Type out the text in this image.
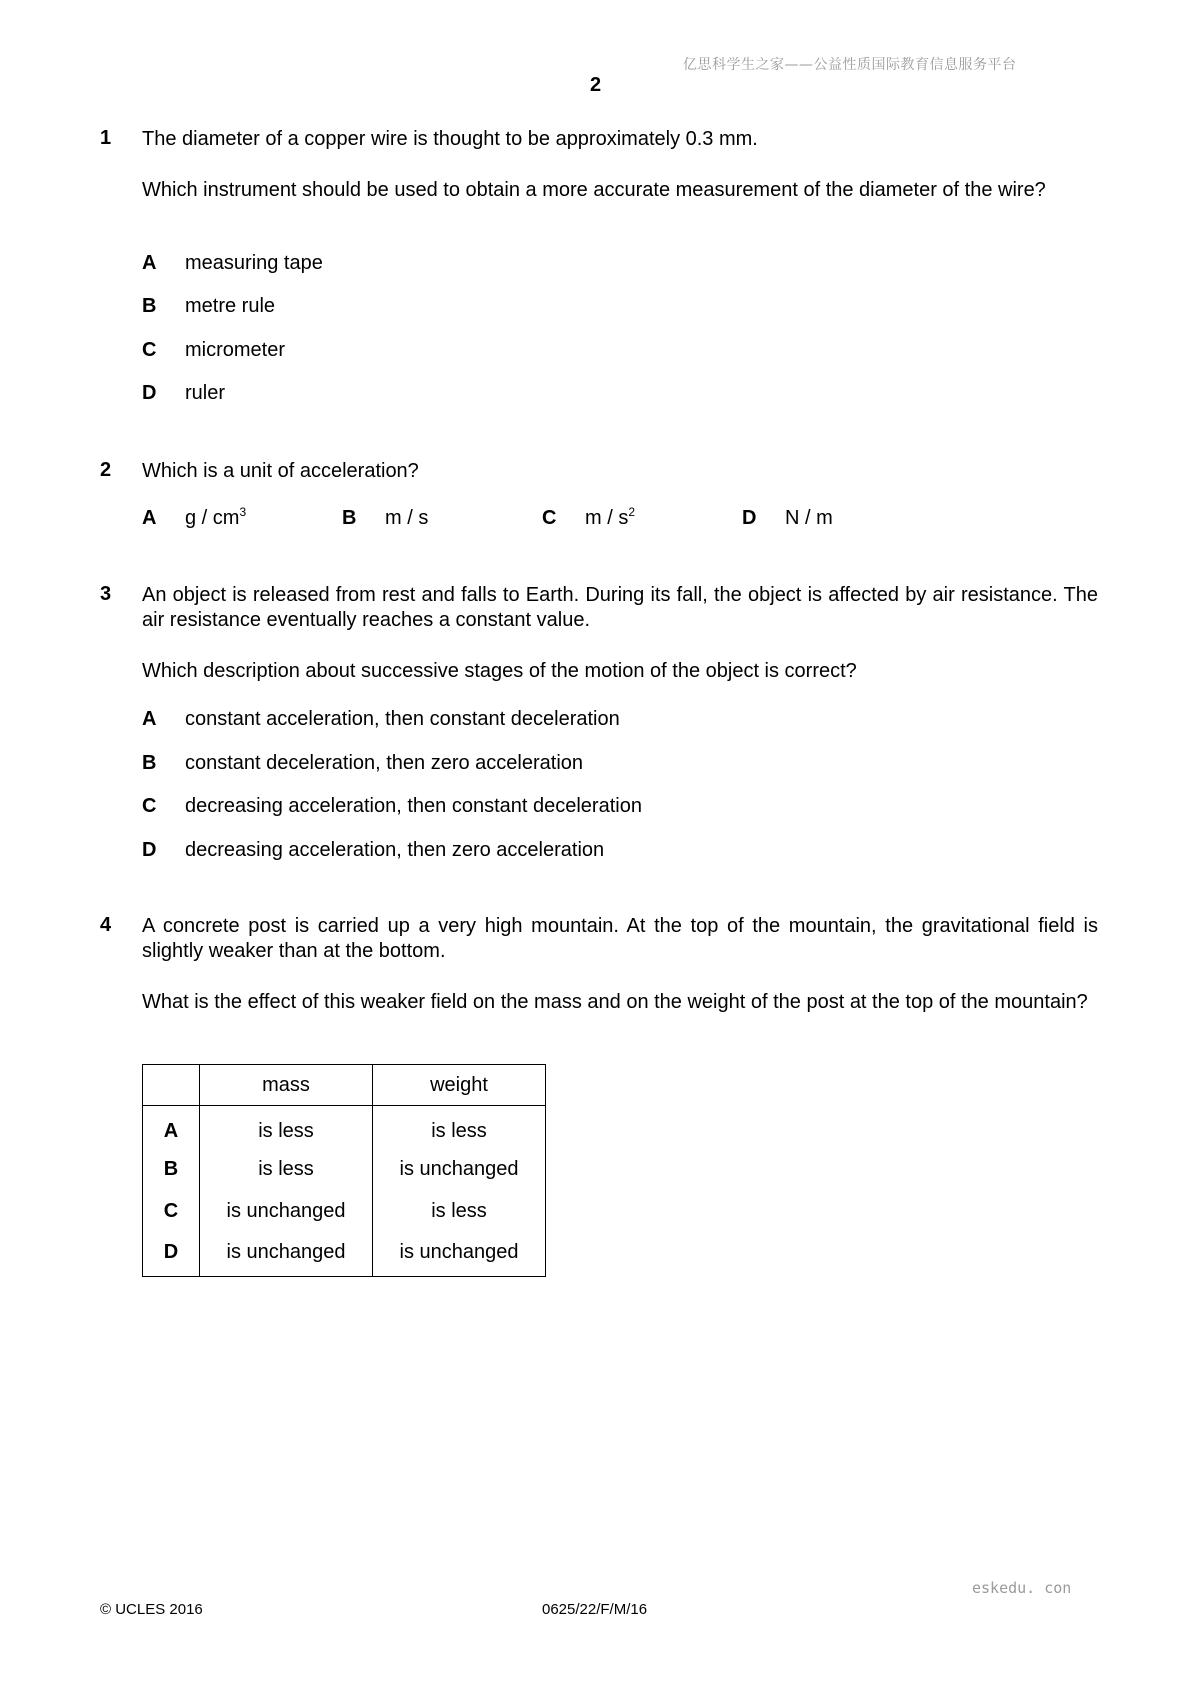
亿思科学生之家——公益性质国际教育信息服务平台
2
1 The diameter of a copper wire is thought to be approximately 0.3 mm.
Which instrument should be used to obtain a more accurate measurement of the diameter of the wire?
A measuring tape
B metre rule
C micrometer
D ruler
2 Which is a unit of acceleration?
A g / $cm^3$	B m / s	C m / $s^2$	D N / m
3 An object is released from rest and falls to Earth. During its fall, the object is affected by air resistance. The air resistance eventually reaches a constant value.
Which description about successive stages of the motion of the object is correct?
A constant acceleration, then constant deceleration
B constant deceleration, then zero acceleration
C decreasing acceleration, then constant deceleration
D decreasing acceleration, then zero acceleration
4 A concrete post is carried up a very high mountain. At the top of the mountain, the gravitational field is slightly weaker than at the bottom.
What is the effect of this weaker field on the mass and on the weight of the post at the top of the mountain?
	mass	weight
A	is less	is less
B	is less	is unchanged
C	is unchanged	is less
D	is unchanged	is unchanged
eskedu. con
© UCLES 2016	0625/22/F/M/16
